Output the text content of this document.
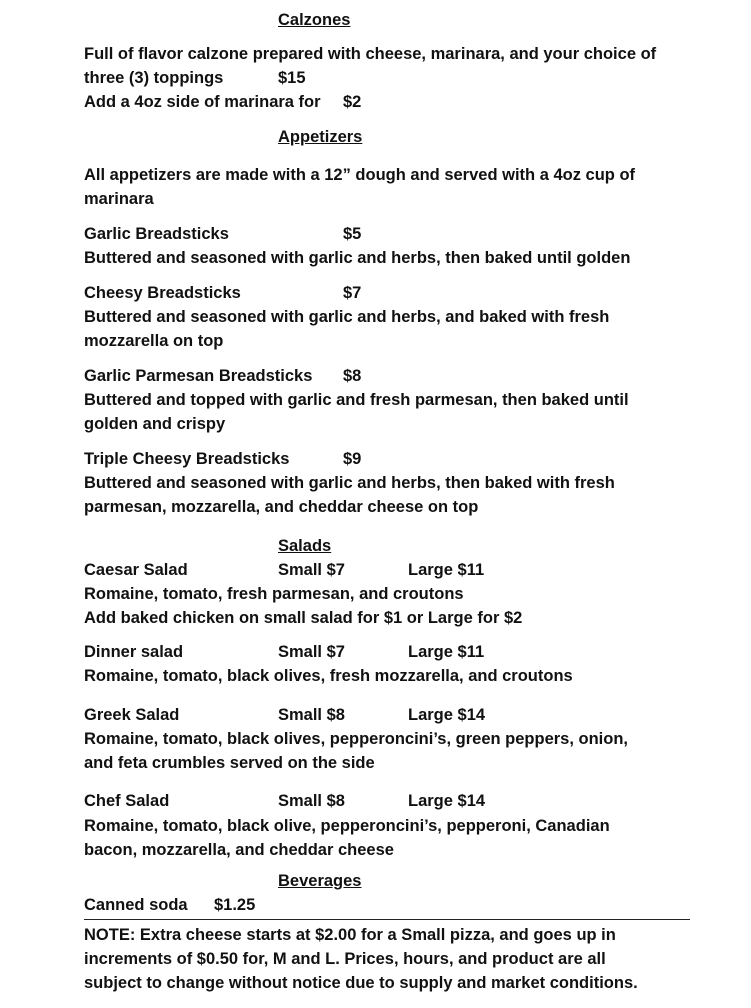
Calzones
Full of flavor calzone prepared with cheese, marinara, and your choice of
three (3) toppings	$15
Add a 4oz side of marinara for $2
Appetizers
All appetizers are made with a 12” dough and served with a 4oz cup of
marinara
Garlic Breadsticks	$5
Buttered and seasoned with garlic and herbs, then baked until golden
Cheesy Breadsticks	$7
Buttered and seasoned with garlic and herbs, and baked with fresh
mozzarella on top
Garlic Parmesan Breadsticks $8
Buttered and topped with garlic and fresh parmesan, then baked until
golden and crispy
Triple Cheesy Breadsticks	$9
Buttered and seasoned with garlic and herbs, then baked with fresh
parmesan, mozzarella, and cheddar cheese on top
Salads
Caesar Salad	Small $7	Large $11
Romaine, tomato, fresh parmesan, and croutons
Add baked chicken on small salad for $1 or Large for $2
Dinner salad	Small $7	Large $11
Romaine, tomato, black olives, fresh mozzarella, and croutons
Greek Salad	Small $8	Large $14
Romaine, tomato, black olives, pepperoncini’s, green peppers, onion,
and feta crumbles served on the side
Chef Salad	Small $8	Large $14
Romaine, tomato, black olive, pepperoncini’s, pepperoni, Canadian
bacon, mozzarella, and cheddar cheese
Beverages
Canned soda $1.25
NOTE: Extra cheese starts at $2.00 for a Small pizza, and goes up in
increments of $0.50 for, M and L. Prices, hours, and product are all
subject to change without notice due to supply and market conditions.
